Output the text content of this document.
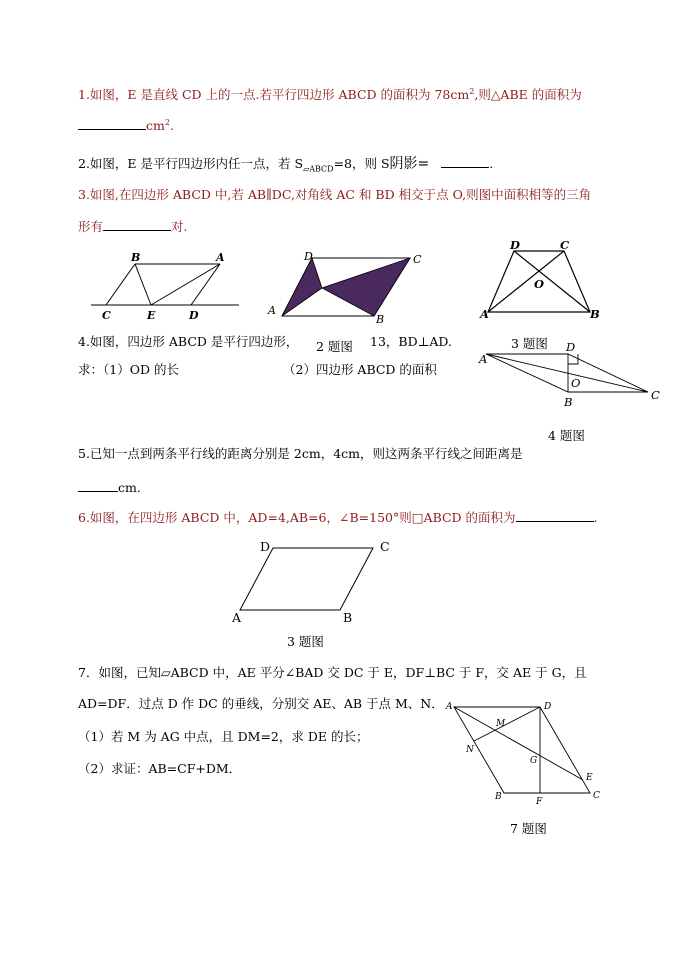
1.如图，E 是直线 CD 上的一点.若平行四边形 ABCD 的面积为 $78cm^2$,则△ABE 的面积为
$cm^2$.
2.如图，E 是平行四边形内任一点，若 $S_{▱ABCD}=8$，则 S阴影=	.
3.如图,在四边形 ABCD 中,若 AB∥DC,对角线 AC 和 BD 相交于点 O,则图中面积相等的三角
形有	对.
B	A
C	E	D
D	C
E
A
B
D	C
O
A	B
4.如图，四边形 ABCD 是平行四边形， 2 题图 13，BD⊥AD.	3 题图
求：（1）OD 的长	（2）四边形 ABCD 的面积
A
D
O
B	C
4 题图
5.已知一点到两条平行线的距离分别是 2cm，4cm，则这两条平行线之间距离是
cm.
6.如图，在四边形 ABCD 中，AD=4,AB=6，∠B=150°则□ABCD 的面积为	.
D	C
A	B
3 题图
7．如图，已知▱ABCD 中，AE 平分∠BAD 交 DC 于 E，DF⊥BC 于 F，交 AE 于 G，且
AD=DF．过点 D 作 DC 的垂线，分别交 AE、AB 于点 M、N．
（1）若 M 为 AG 中点，且 DM=2，求 DE 的长；
（2）求证：AB=CF+DM．
A	D
M
N
G
E
B	F
C
7 题图
